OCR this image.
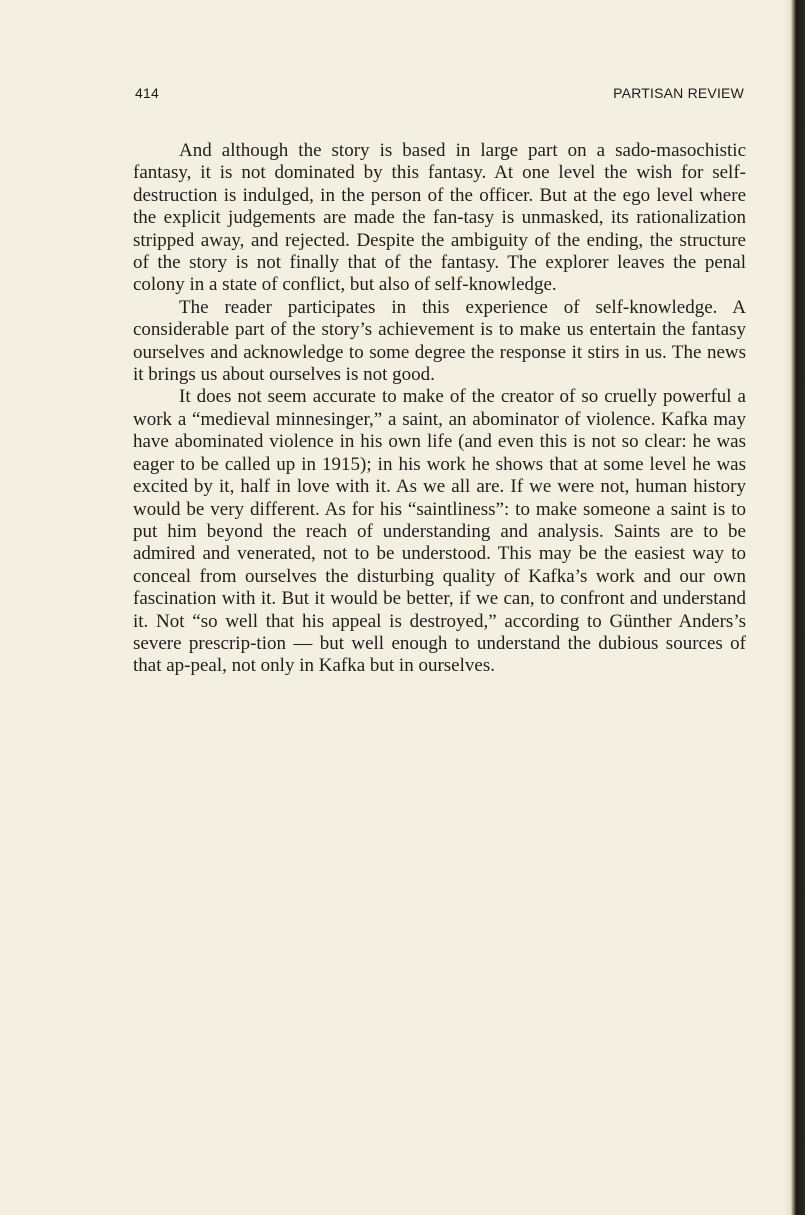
414	PARTISAN REVIEW

And although the story is based in large part on a sado-masochistic fantasy, it is not dominated by this fantasy. At one level the wish for self-destruction is indulged, in the person of the officer. But at the ego level where the explicit judgements are made the fan-tasy is unmasked, its rationalization stripped away, and rejected. Despite the ambiguity of the ending, the structure of the story is not finally that of the fantasy. The explorer leaves the penal colony in a state of conflict, but also of self-knowledge.

The reader participates in this experience of self-knowledge. A considerable part of the story’s achievement is to make us entertain the fantasy ourselves and acknowledge to some degree the response it stirs in us. The news it brings us about ourselves is not good.

It does not seem accurate to make of the creator of so cruelly powerful a work a “medieval minnesinger,” a saint, an abominator of violence. Kafka may have abominated violence in his own life (and even this is not so clear: he was eager to be called up in 1915); in his work he shows that at some level he was excited by it, half in love with it. As we all are. If we were not, human history would be very different. As for his “saintliness”: to make someone a saint is to put him beyond the reach of understanding and analysis. Saints are to be admired and venerated, not to be understood. This may be the easiest way to conceal from ourselves the disturbing quality of Kafka’s work and our own fascination with it. But it would be better, if we can, to confront and understand it. Not “so well that his appeal is destroyed,” according to Günther Anders’s severe prescrip-tion — but well enough to understand the dubious sources of that ap-peal, not only in Kafka but in ourselves.
